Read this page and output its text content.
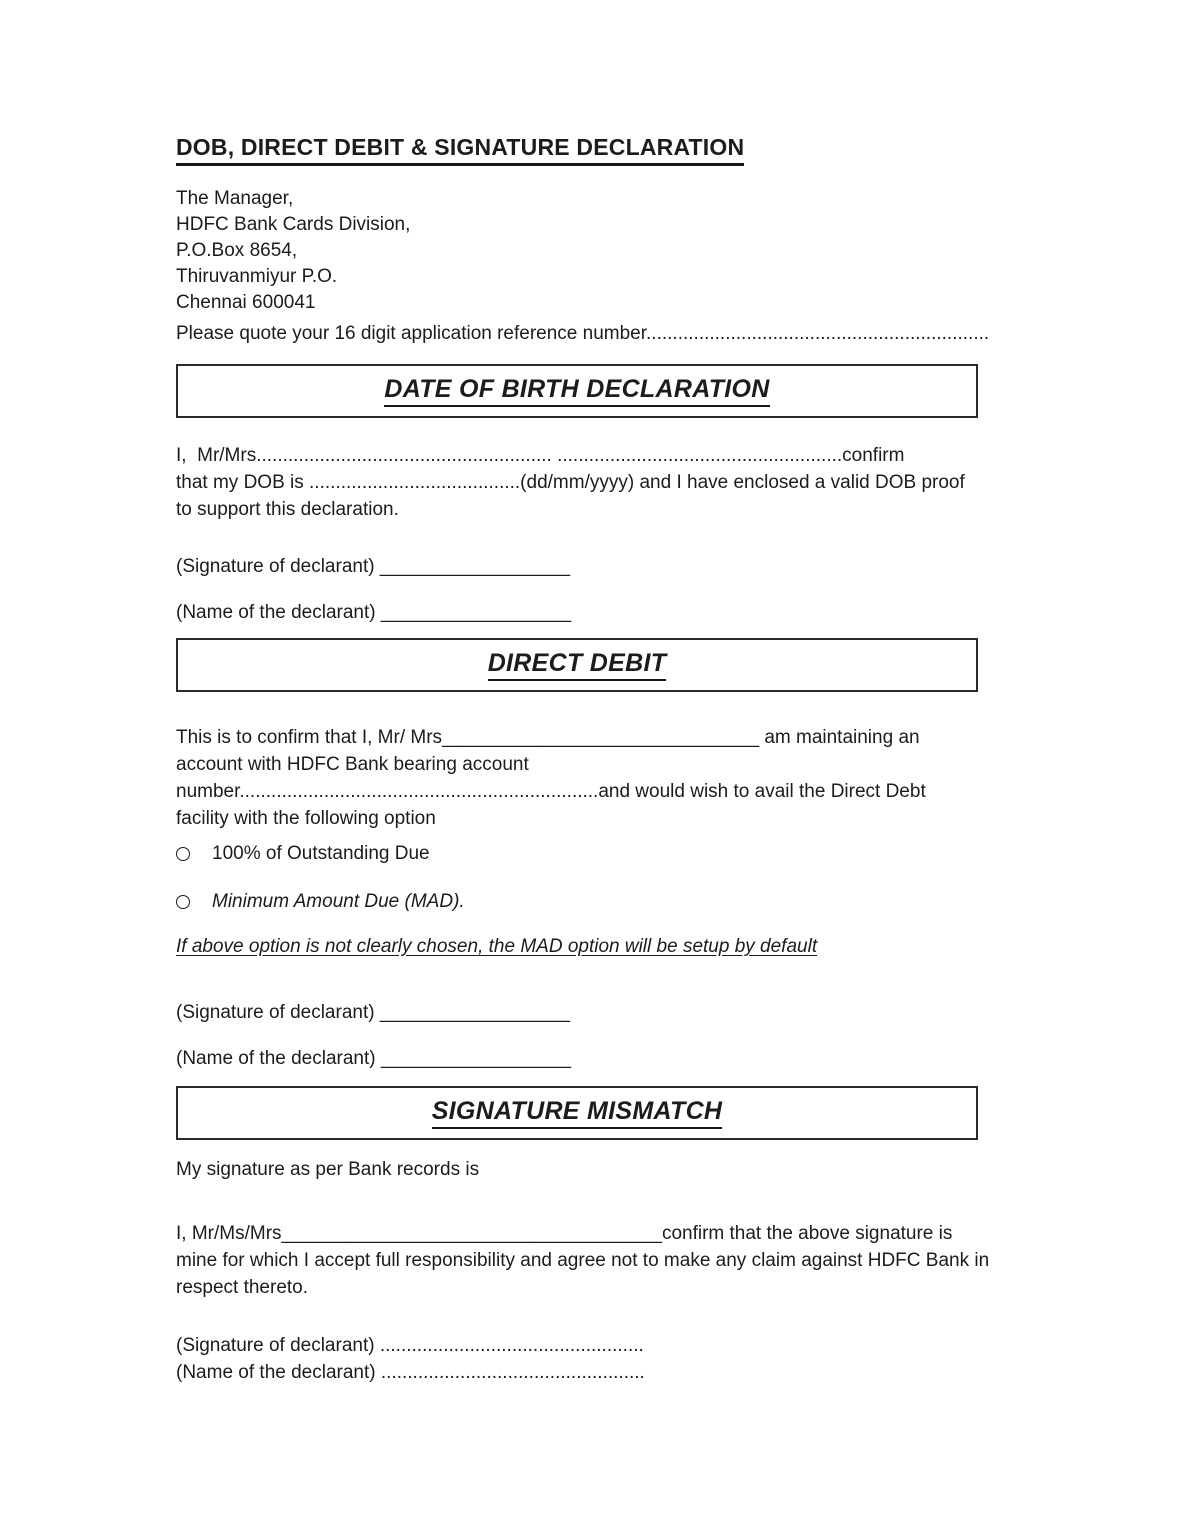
DOB, DIRECT DEBIT & SIGNATURE DECLARATION
The Manager,
HDFC Bank Cards Division,
P.O.Box 8654,
Thiruvanmiyur P.O.
Chennai 600041
Please quote your 16 digit application reference number.................................................................
DATE OF BIRTH DECLARATION
I,  Mr/Mrs........................................................ ......................................................confirm
that my DOB is ........................................(dd/mm/yyyy) and I have enclosed a valid DOB proof
to support this declaration.
(Signature of declarant) __________________
(Name of the declarant) __________________
DIRECT DEBIT
This is to confirm that I, Mr/ Mrs______________________________ am maintaining an
account with HDFC Bank bearing account
number....................................................................and would wish to avail the Direct Debt
facility with the following option
100% of Outstanding Due
Minimum Amount Due (MAD).
If above option is not clearly chosen, the MAD option will be setup by default
(Signature of declarant) __________________
(Name of the declarant) __________________
SIGNATURE MISMATCH
My signature as per Bank records is
I, Mr/Ms/Mrs____________________________________confirm that the above signature is
mine for which I accept full responsibility and agree not to make any claim against HDFC Bank in
respect thereto.
(Signature of declarant) ..................................................
(Name of the declarant) ..................................................
